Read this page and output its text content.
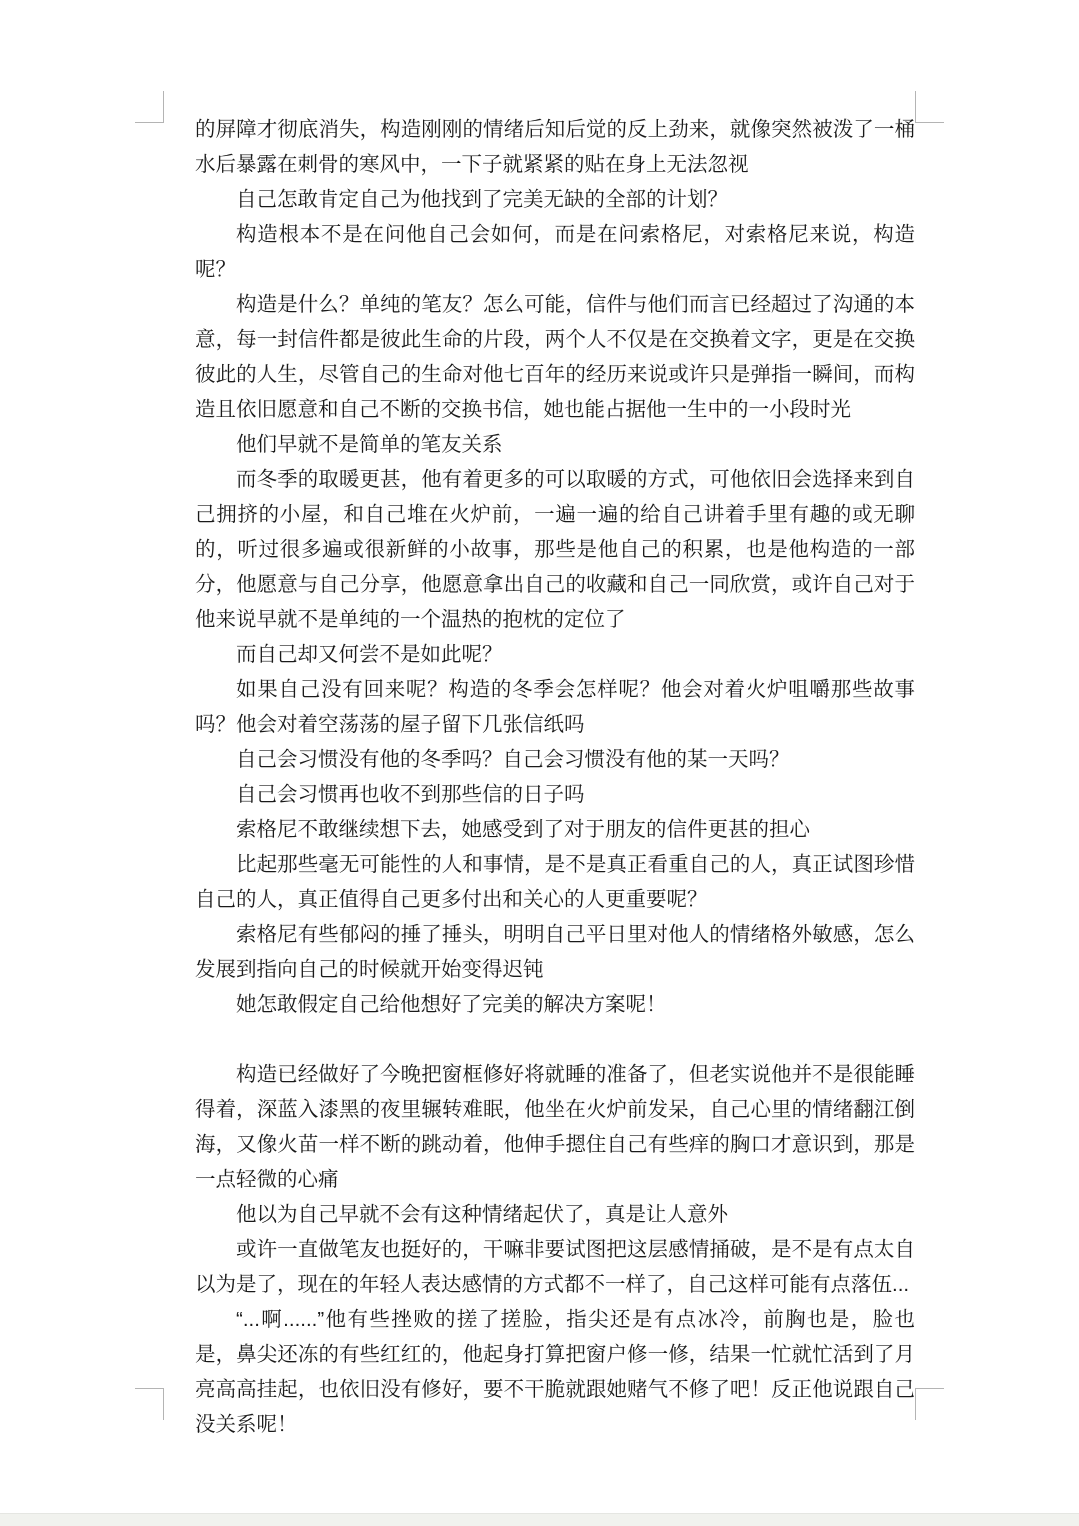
的屏障才彻底消失，构造刚刚的情绪后知后觉的反上劲来，就像突然被泼了一桶水后暴露在刺骨的寒风中，一下子就紧紧的贴在身上无法忽视

自己怎敢肯定自己为他找到了完美无缺的全部的计划？

构造根本不是在问他自己会如何，而是在问索格尼，对索格尼来说，构造呢？

构造是什么？单纯的笔友？怎么可能，信件与他们而言已经超过了沟通的本意，每一封信件都是彼此生命的片段，两个人不仅是在交换着文字，更是在交换彼此的人生，尽管自己的生命对他七百年的经历来说或许只是弹指一瞬间，而构造且依旧愿意和自己不断的交换书信，她也能占据他一生中的一小段时光

他们早就不是简单的笔友关系

而冬季的取暖更甚，他有着更多的可以取暖的方式，可他依旧会选择来到自己拥挤的小屋，和自己堆在火炉前，一遍一遍的给自己讲着手里有趣的或无聊的，听过很多遍或很新鲜的小故事，那些是他自己的积累，也是他构造的一部分，他愿意与自己分享，他愿意拿出自己的收藏和自己一同欣赏，或许自己对于他来说早就不是单纯的一个温热的抱枕的定位了

而自己却又何尝不是如此呢？

如果自己没有回来呢？构造的冬季会怎样呢？他会对着火炉咀嚼那些故事吗？他会对着空荡荡的屋子留下几张信纸吗

自己会习惯没有他的冬季吗？自己会习惯没有他的某一天吗？

自己会习惯再也收不到那些信的日子吗

索格尼不敢继续想下去，她感受到了对于朋友的信件更甚的担心

比起那些毫无可能性的人和事情，是不是真正看重自己的人，真正试图珍惜自己的人，真正值得自己更多付出和关心的人更重要呢？

索格尼有些郁闷的捶了捶头，明明自己平日里对他人的情绪格外敏感，怎么发展到指向自己的时候就开始变得迟钝

她怎敢假定自己给他想好了完美的解决方案呢！

构造已经做好了今晚把窗框修好将就睡的准备了，但老实说他并不是很能睡得着，深蓝入漆黑的夜里辗转难眠，他坐在火炉前发呆，自己心里的情绪翻江倒海，又像火苗一样不断的跳动着，他伸手摁住自己有些痒的胸口才意识到，那是一点轻微的心痛

他以为自己早就不会有这种情绪起伏了，真是让人意外

或许一直做笔友也挺好的，干嘛非要试图把这层感情捅破，是不是有点太自以为是了，现在的年轻人表达感情的方式都不一样了，自己这样可能有点落伍...

“...啊......”他有些挫败的搓了搓脸，指尖还是有点冰冷，前胸也是，脸也是，鼻尖还冻的有些红红的，他起身打算把窗户修一修，结果一忙就忙活到了月亮高高挂起，也依旧没有修好，要不干脆就跟她赌气不修了吧！反正他说跟自己没关系呢！
